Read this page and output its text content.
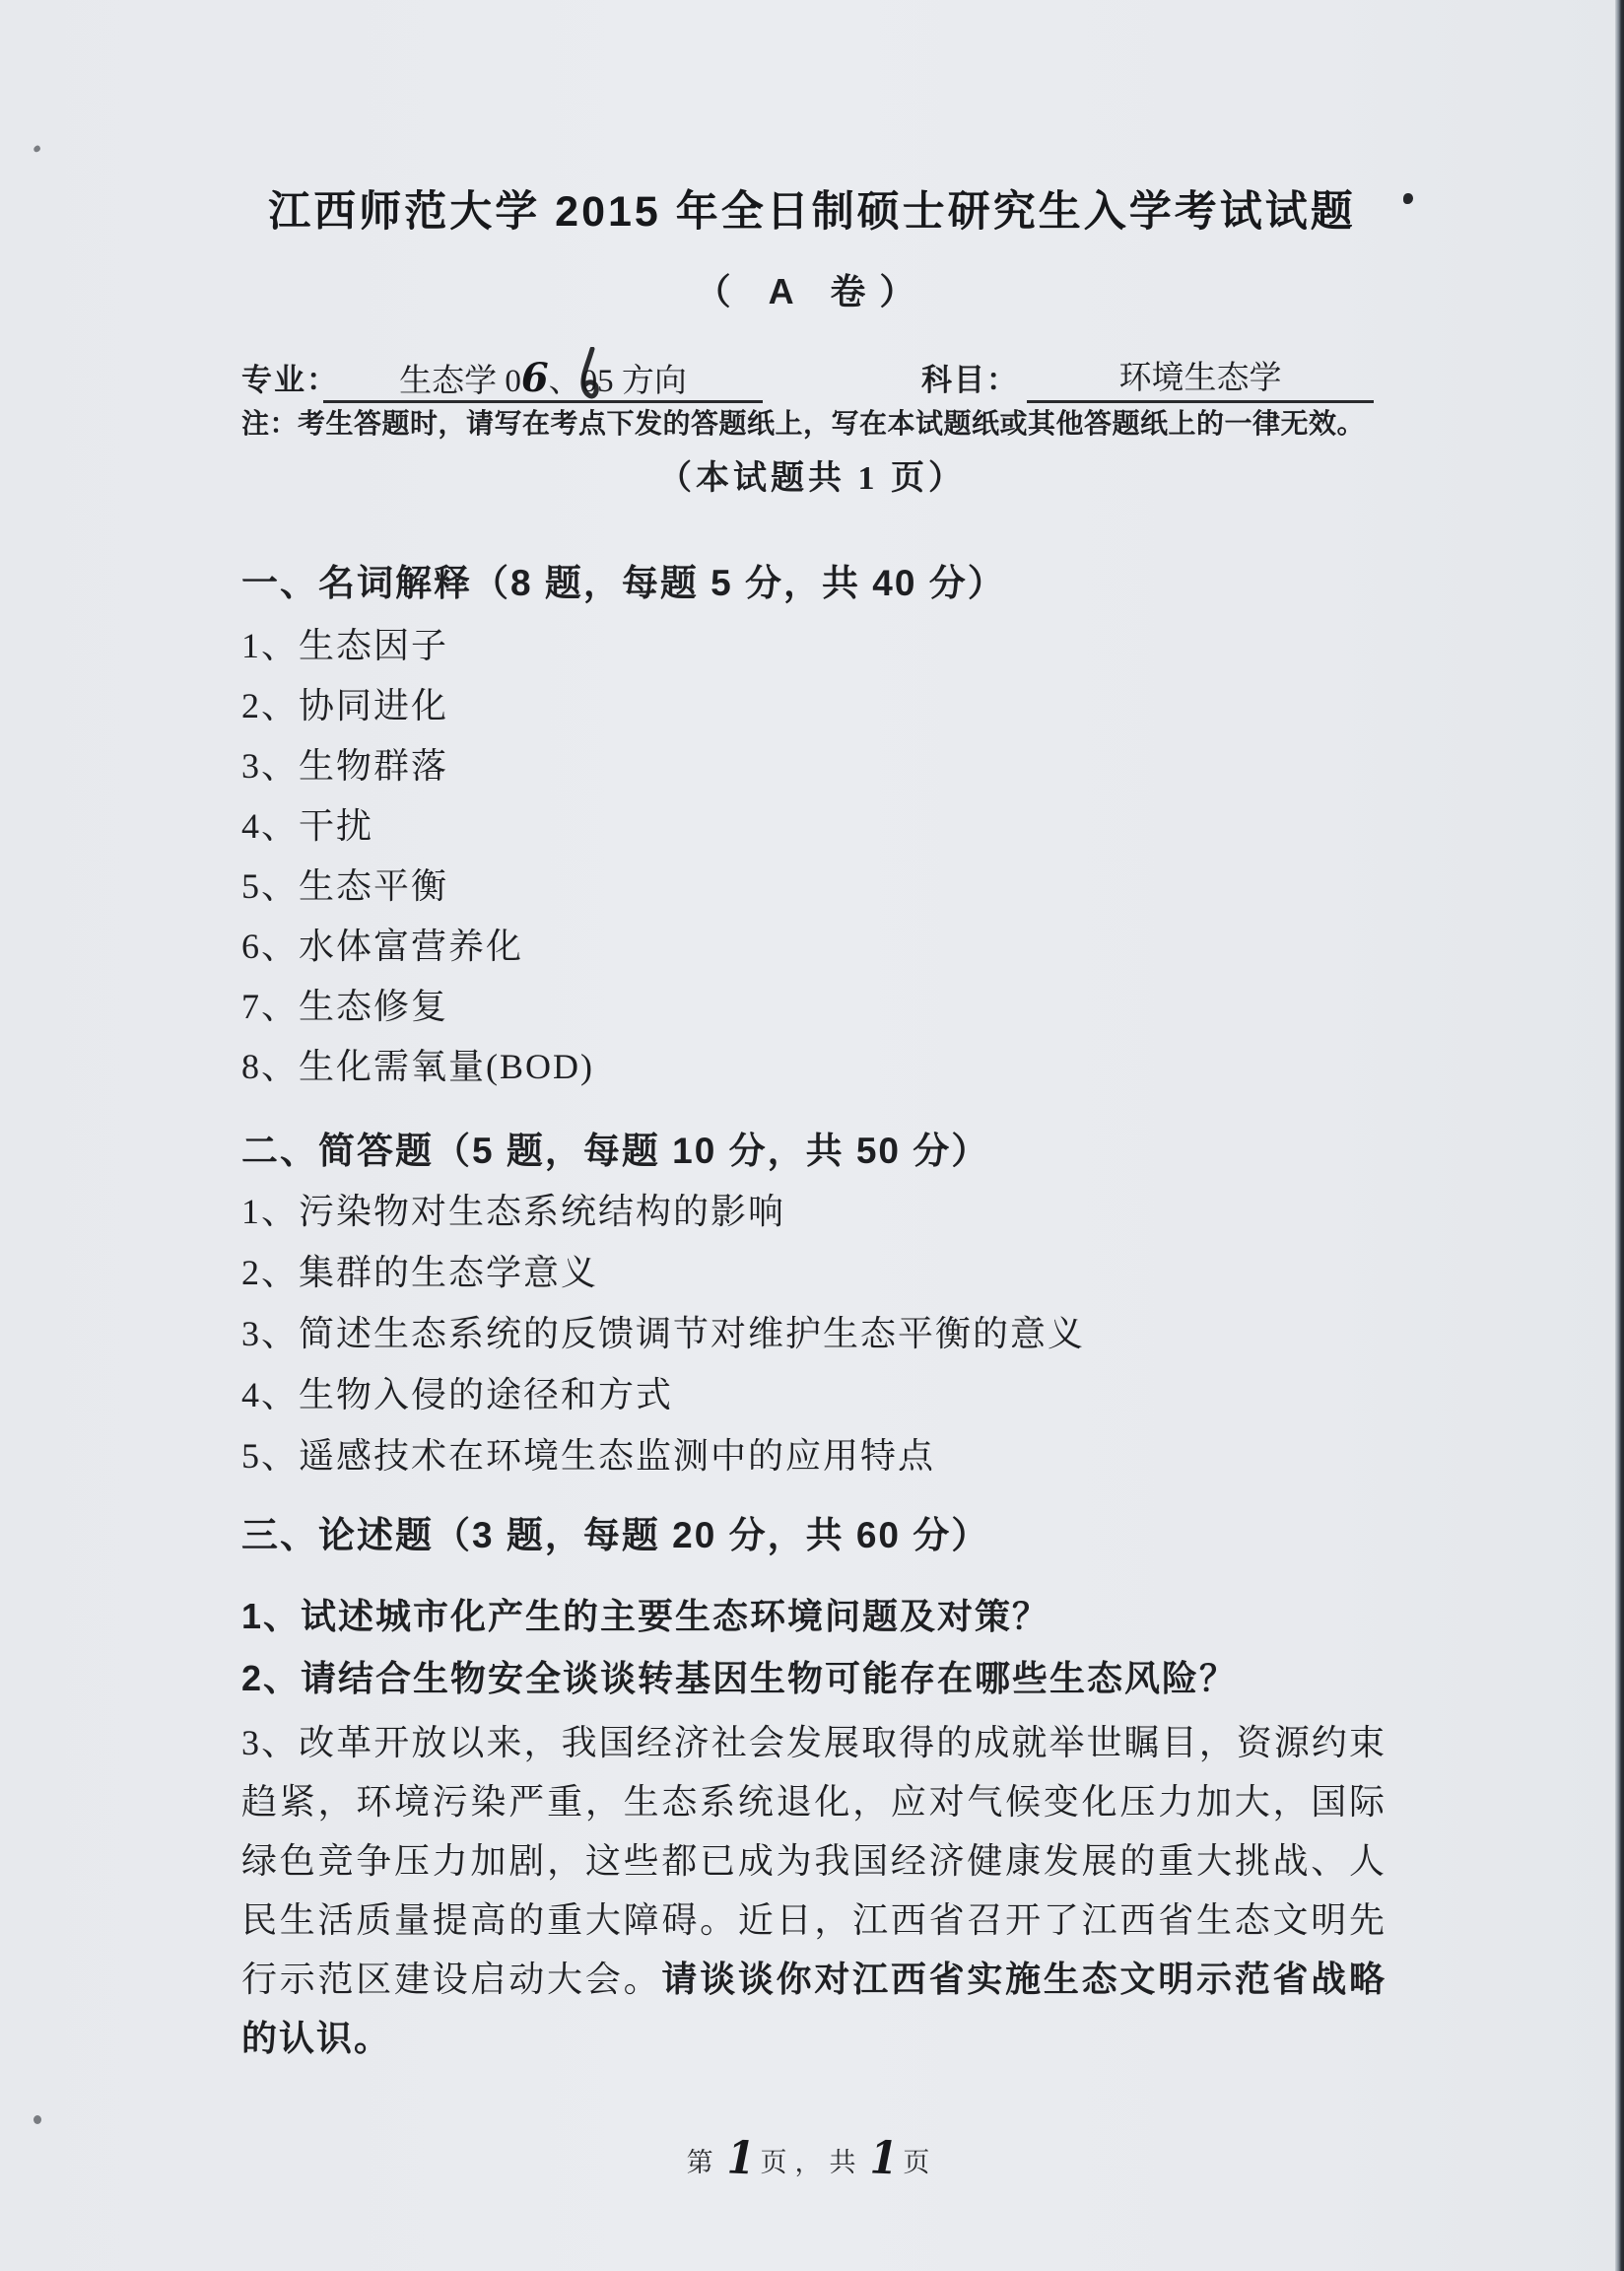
江西师范大学 2015 年全日制硕士研究生入学考试试题
（ A 卷）
专业：	生态学 06、05 方向	科目：	环境生态学
注：考生答题时，请写在考点下发的答题纸上，写在本试题纸或其他答题纸上的一律无效。
（本试题共 1 页）
一、名词解释（8 题，每题 5 分，共 40 分）
1、生态因子
2、协同进化
3、生物群落
4、干扰
5、生态平衡
6、水体富营养化
7、生态修复
8、生化需氧量(BOD)
二、简答题（5 题，每题 10 分，共 50 分）
1、污染物对生态系统结构的影响
2、集群的生态学意义
3、简述生态系统的反馈调节对维护生态平衡的意义
4、生物入侵的途径和方式
5、遥感技术在环境生态监测中的应用特点
三、论述题（3 题，每题 20 分，共 60 分）
1、试述城市化产生的主要生态环境问题及对策？
2、请结合生物安全谈谈转基因生物可能存在哪些生态风险？
3、改革开放以来，我国经济社会发展取得的成就举世瞩目，资源约束趋紧，环境污染严重，生态系统退化，应对气候变化压力加大，国际绿色竞争压力加剧，这些都已成为我国经济健康发展的重大挑战、人民生活质量提高的重大障碍。近日，江西省召开了江西省生态文明先行示范区建设启动大会。请谈谈你对江西省实施生态文明示范省战略的认识。
第 1 页，共 1 页
